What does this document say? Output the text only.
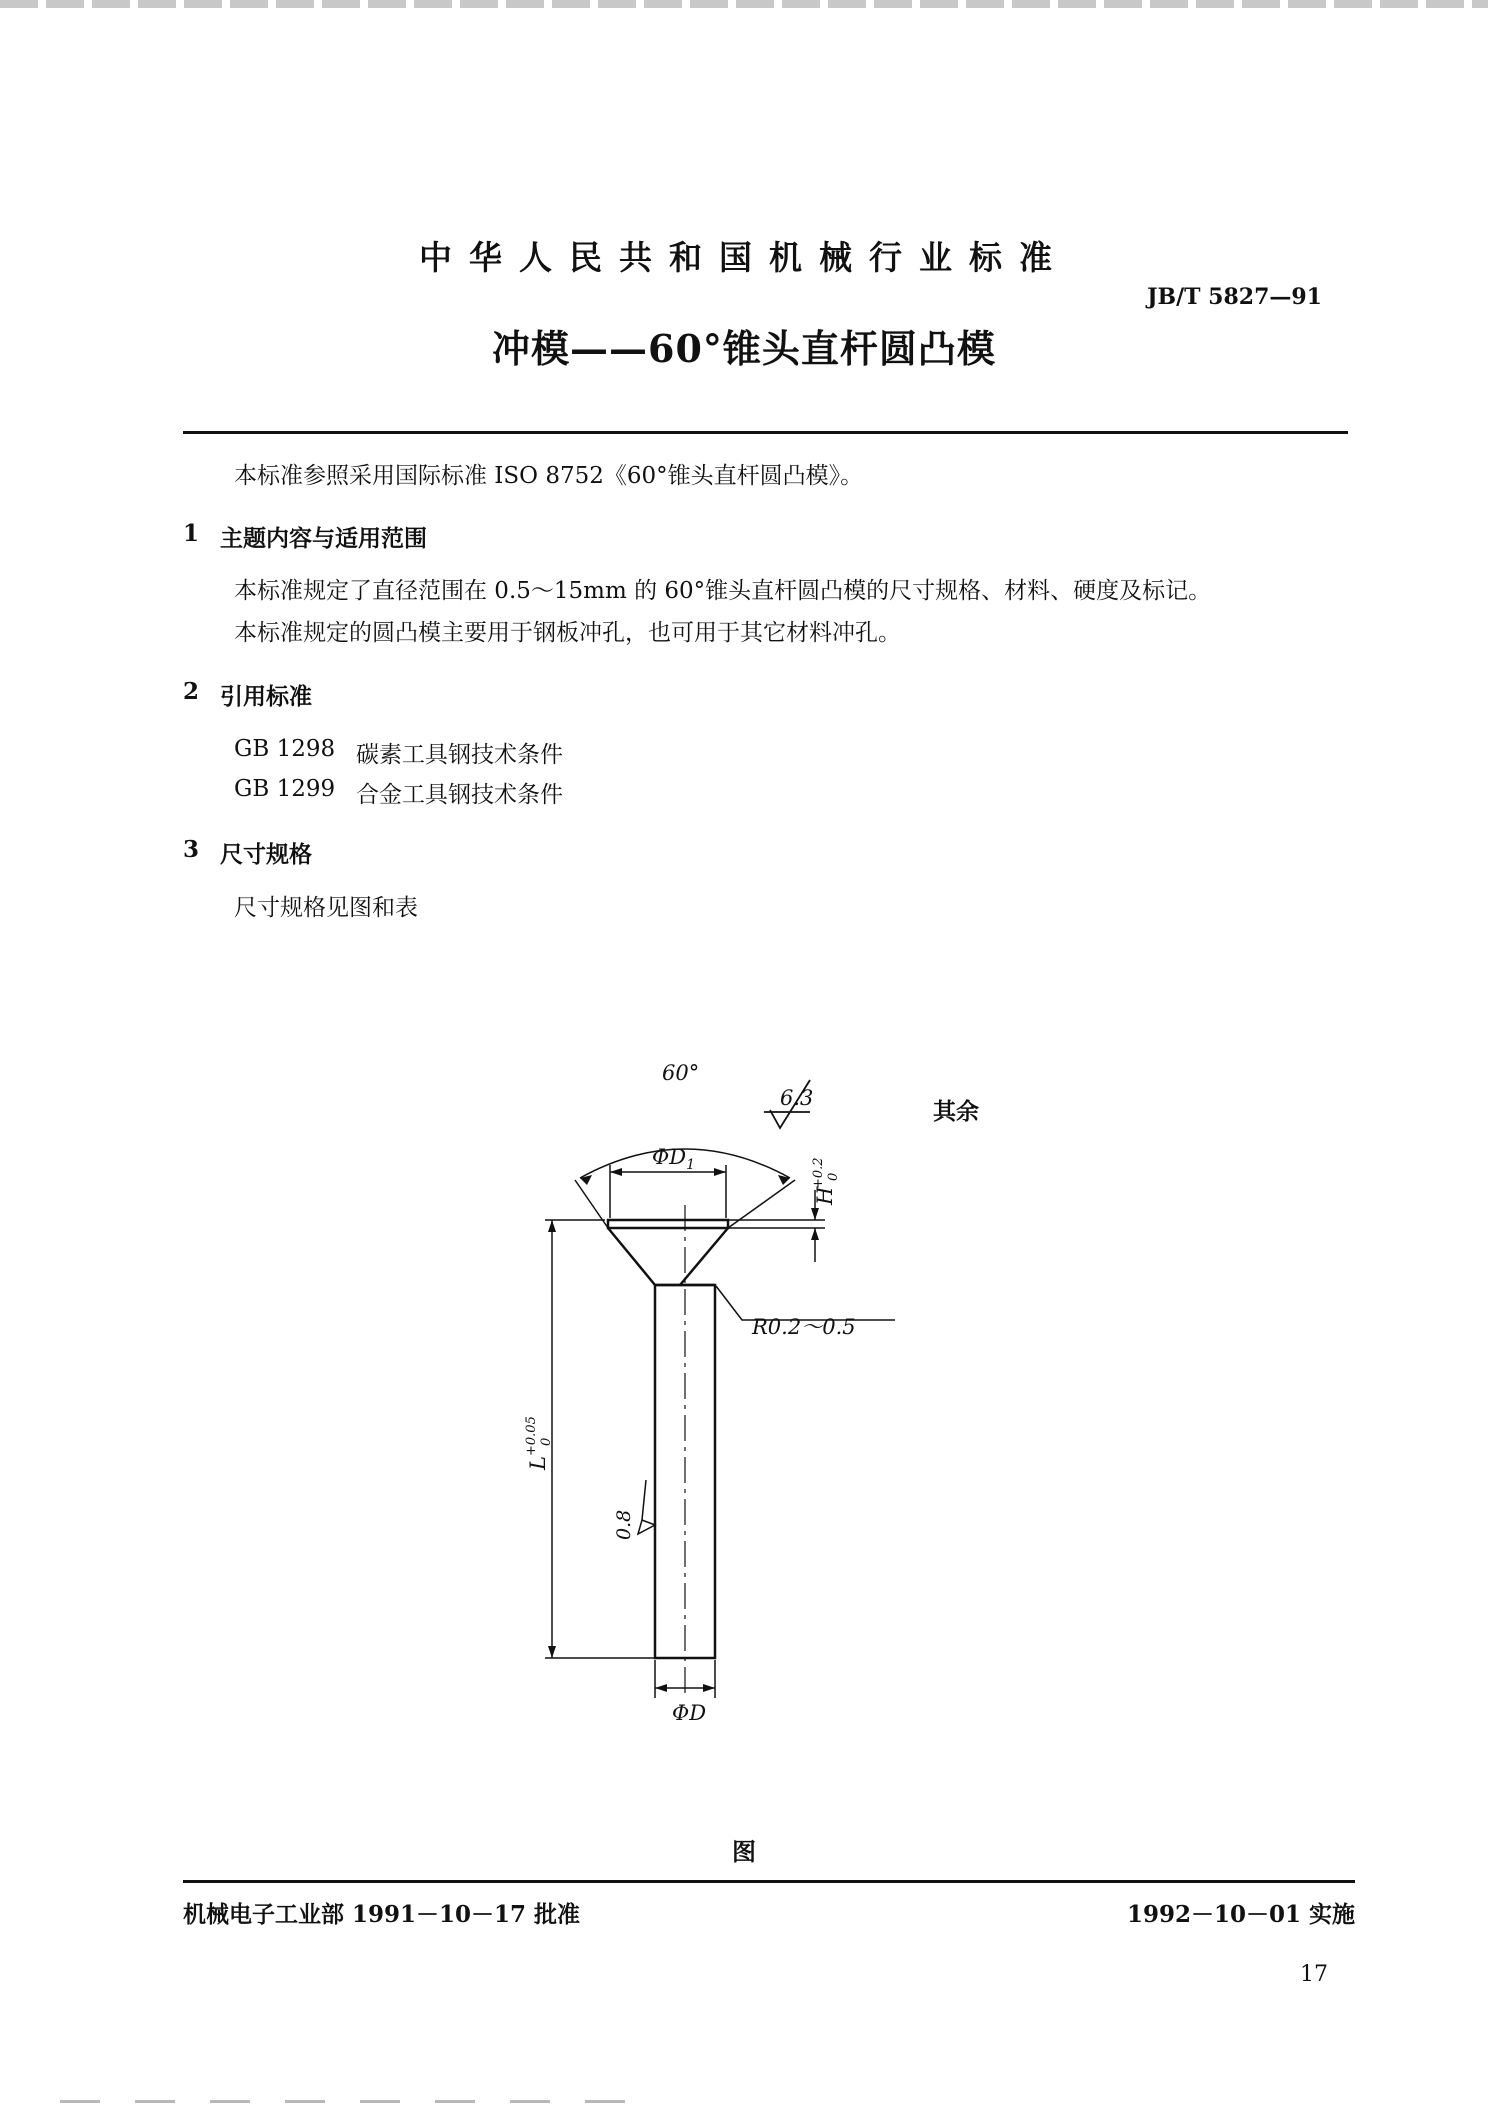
中华人民共和国机械行业标准
JB/T 5827—91
冲模——60°锥头直杆圆凸模
本标准参照采用国际标准 ISO 8752《60°锥头直杆圆凸模》。
1 主题内容与适用范围
本标准规定了直径范围在 0.5～15mm 的 60°锥头直杆圆凸模的尺寸规格、材料、硬度及标记。
本标准规定的圆凸模主要用于钢板冲孔，也可用于其它材料冲孔。
2 引用标准
GB 1298 碳素工具钢技术条件
GB 1299 合金工具钢技术条件
3 尺寸规格
尺寸规格见图和表
60°
$\Phi D_1$
6.3
R0.2～0.5
ΦD
H
+0.2 0
L
+0.05 0
0.8
其余
图
机械电子工业部 1991－10－17 批准	1992－10－01 实施
17
